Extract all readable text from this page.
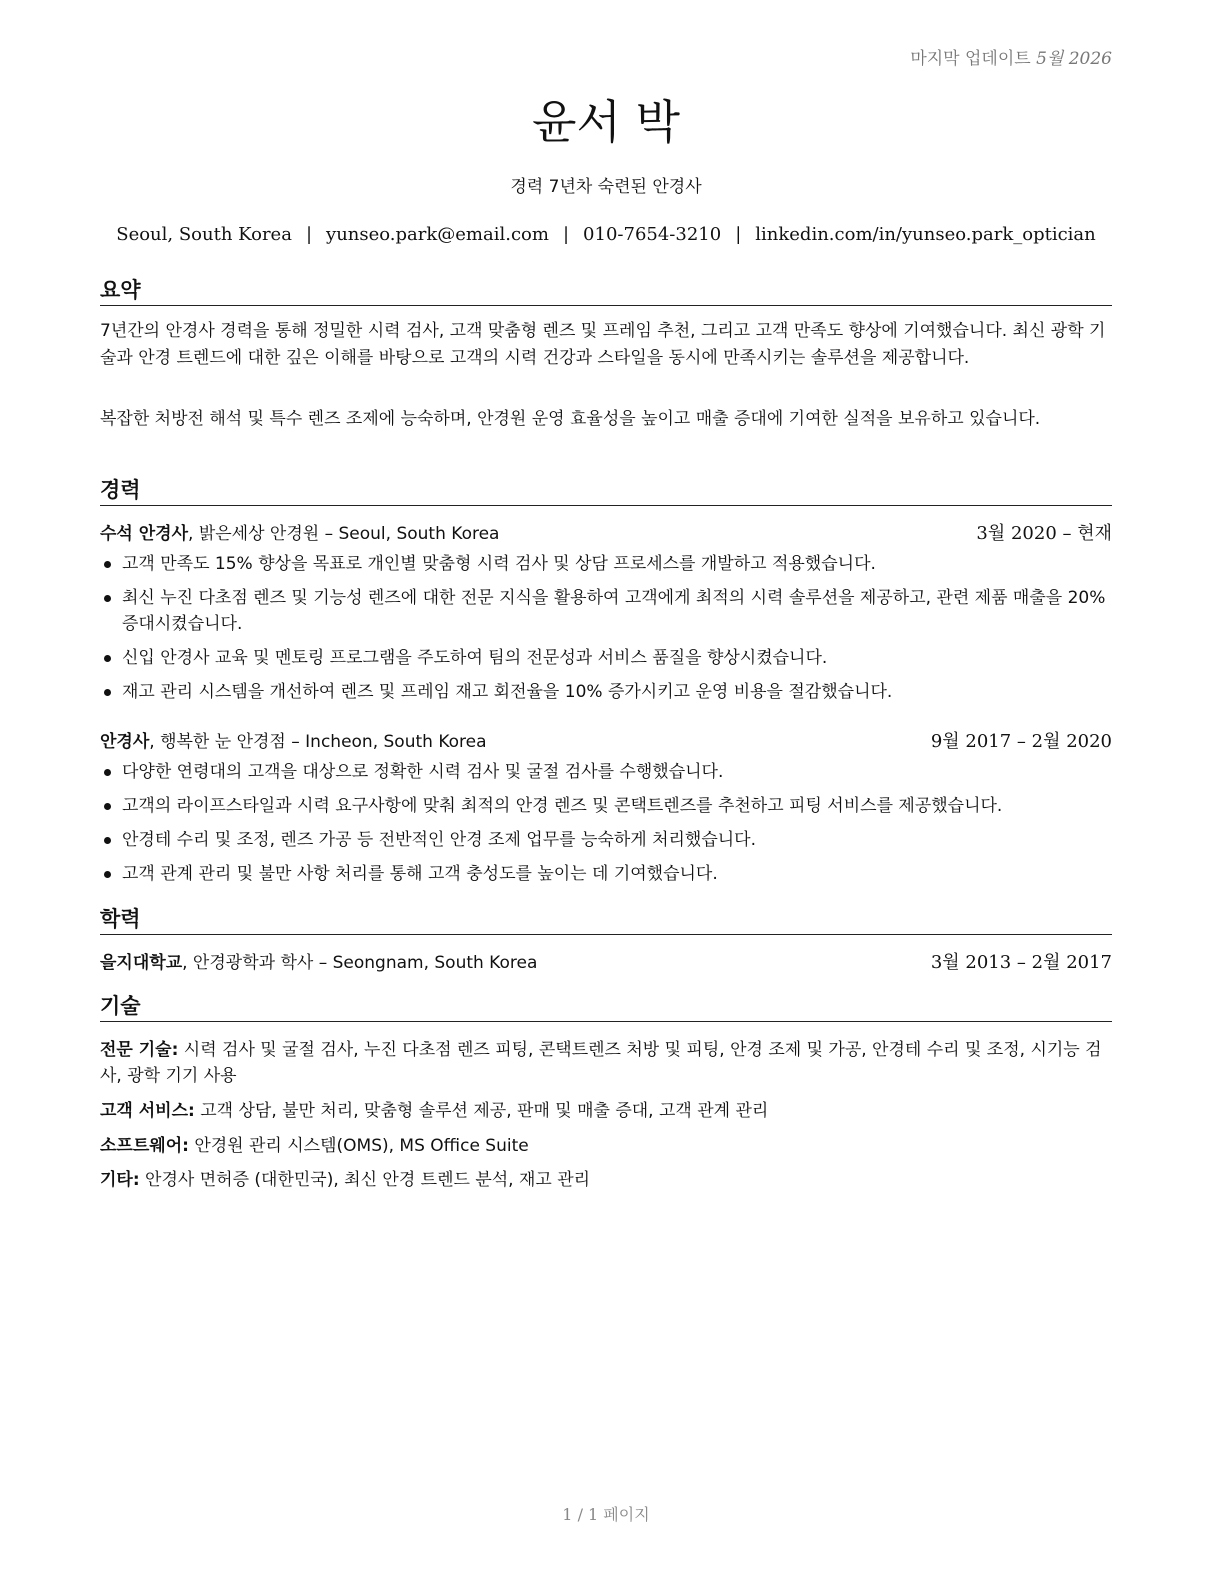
마지막 업데이트 5월 2026
윤서 박
경력 7년차 숙련된 안경사
Seoul, South Korea | yunseo.park@email.com | 010-7654-3210 | linkedin.com/in/yunseo.park_optician
요약

7년간의 안경사 경력을 통해 정밀한 시력 검사, 고객 맞춤형 렌즈 및 프레임 추천, 그리고 고객 만족도 향상에 기여했습니다. 최신 광학 기술과 안경 트렌드에 대한 깊은 이해를 바탕으로 고객의 시력 건강과 스타일을 동시에 만족시키는 솔루션을 제공합니다.

복잡한 처방전 해석 및 특수 렌즈 조제에 능숙하며, 안경원 운영 효율성을 높이고 매출 증대에 기여한 실적을 보유하고 있습니다.

경력
수석 안경사, 밝은세상 안경원 – Seoul, South Korea	3월 2020 – 현재
고객 만족도 15% 향상을 목표로 개인별 맞춤형 시력 검사 및 상담 프로세스를 개발하고 적용했습니다.
최신 누진 다초점 렌즈 및 기능성 렌즈에 대한 전문 지식을 활용하여 고객에게 최적의 시력 솔루션을 제공하고, 관련 제품 매출을 20% 증대시켰습니다.
신입 안경사 교육 및 멘토링 프로그램을 주도하여 팀의 전문성과 서비스 품질을 향상시켰습니다.
재고 관리 시스템을 개선하여 렌즈 및 프레임 재고 회전율을 10% 증가시키고 운영 비용을 절감했습니다.
안경사, 행복한 눈 안경점 – Incheon, South Korea	9월 2017 – 2월 2020
다양한 연령대의 고객을 대상으로 정확한 시력 검사 및 굴절 검사를 수행했습니다.
고객의 라이프스타일과 시력 요구사항에 맞춰 최적의 안경 렌즈 및 콘택트렌즈를 추천하고 피팅 서비스를 제공했습니다.
안경테 수리 및 조정, 렌즈 가공 등 전반적인 안경 조제 업무를 능숙하게 처리했습니다.
고객 관계 관리 및 불만 사항 처리를 통해 고객 충성도를 높이는 데 기여했습니다.
학력
을지대학교, 안경광학과 학사 – Seongnam, South Korea	3월 2013 – 2월 2017
기술
전문 기술: 시력 검사 및 굴절 검사, 누진 다초점 렌즈 피팅, 콘택트렌즈 처방 및 피팅, 안경 조제 및 가공, 안경테 수리 및 조정, 시기능 검사, 광학 기기 사용
고객 서비스: 고객 상담, 불만 처리, 맞춤형 솔루션 제공, 판매 및 매출 증대, 고객 관계 관리
소프트웨어: 안경원 관리 시스템(OMS), MS Office Suite
기타: 안경사 면허증 (대한민국), 최신 안경 트렌드 분석, 재고 관리
1 / 1 페이지
